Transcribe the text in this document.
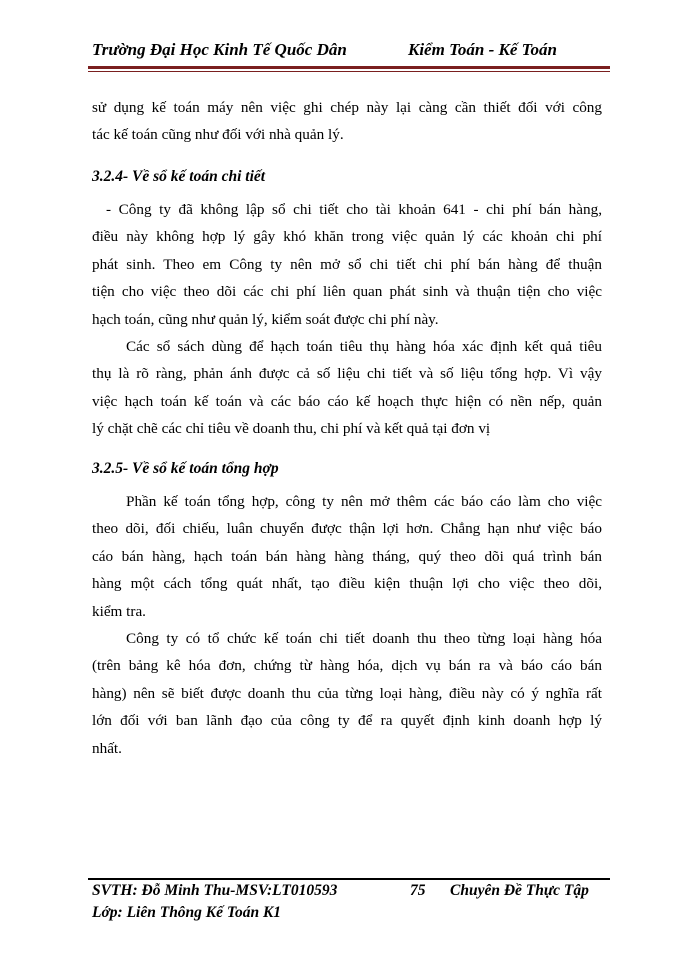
Trường Đại Học Kinh Tế Quốc Dân	Kiểm Toán - Kế Toán
sử dụng kế toán máy nên việc ghi chép này lại càng cần thiết đối với công
tác kế toán cũng như đối với nhà quản lý.
3.2.4- Về sổ kế toán chi tiết
- Công ty đã không lập sổ chi tiết cho tài khoản 641 - chi phí bán hàng,
điều này không hợp lý gây khó khăn trong việc quản lý các khoản chi phí
phát sinh. Theo em Công ty nên mở sổ chi tiết chi phí bán hàng để thuận
tiện cho việc theo dõi các chi phí liên quan phát sinh và thuận tiện cho việc
hạch toán, cũng như quản lý, kiểm soát được chi phí này.
Các sổ sách dùng để hạch toán tiêu thụ hàng hóa xác định kết quả tiêu
thụ là rõ ràng, phản ánh được cả số liệu chi tiết và số liệu tổng hợp. Vì vậy
việc hạch toán kế toán và các báo cáo kế hoạch thực hiện có nền nếp, quản
lý chặt chẽ các chỉ tiêu về doanh thu, chi phí và kết quả tại đơn vị
3.2.5- Về sổ kế toán tổng hợp
Phần kế toán tổng hợp, công ty nên mở thêm các báo cáo làm cho việc
theo dõi, đối chiếu, luân chuyển được thận lợi hơn. Chẳng hạn như việc báo
cáo bán hàng, hạch toán bán hàng hàng tháng, quý theo dõi quá trình bán
hàng một cách tổng quát nhất, tạo điều kiện thuận lợi cho việc theo dõi,
kiểm tra.
Công ty có tổ chức kế toán chi tiết doanh thu theo từng loại hàng hóa
(trên bảng kê hóa đơn, chứng từ hàng hóa, dịch vụ bán ra và báo cáo bán
hàng) nên sẽ biết được doanh thu của từng loại hàng, điều này có ý nghĩa rất
lớn đối với ban lãnh đạo của công ty để ra quyết định kinh doanh hợp lý
nhất.
SVTH: Đỗ Minh Thu-MSV:LT010593	75 Chuyên Đề Thực Tập
Lớp: Liên Thông Kế Toán K1
